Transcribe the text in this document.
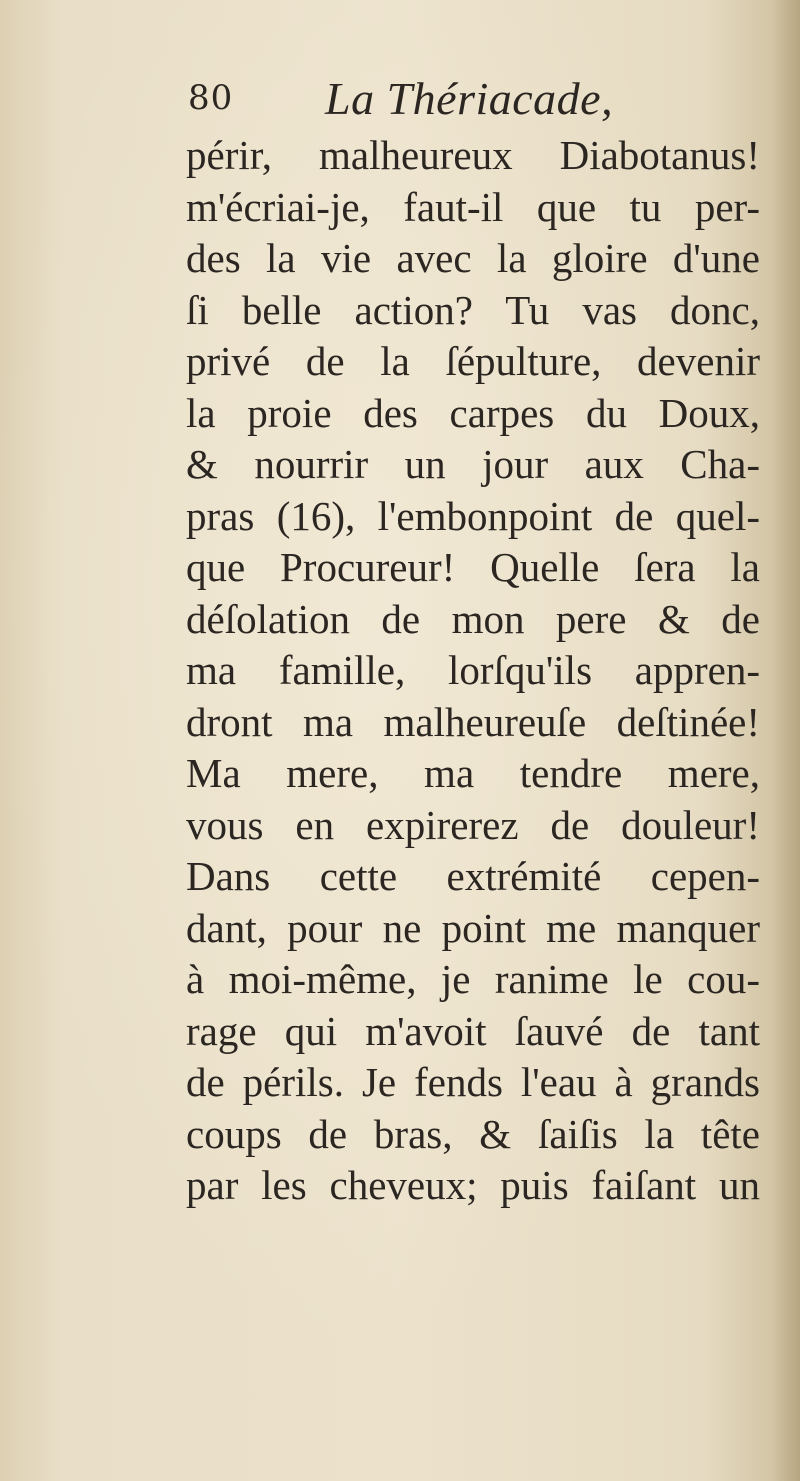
80 La Thériacade,
périr, malheureux Diabotanus!
m'écriai-je, faut-il que tu per-
des la vie avec la gloire d'une
ſi belle action? Tu vas donc,
privé de la ſépulture, devenir
la proie des carpes du Doux,
& nourrir un jour aux Cha-
pras (16), l'embonpoint de quel-
que Procureur! Quelle ſera la
déſolation de mon pere & de
ma famille, lorſqu'ils appren-
dront ma malheureuſe deſtinée!
Ma mere, ma tendre mere,
vous en expirerez de douleur!
Dans cette extrémité cepen-
dant, pour ne point me manquer
à moi-même, je ranime le cou-
rage qui m'avoit ſauvé de tant
de périls. Je fends l'eau à grands
coups de bras, & ſaiſis la tête
par les cheveux; puis faiſant un
